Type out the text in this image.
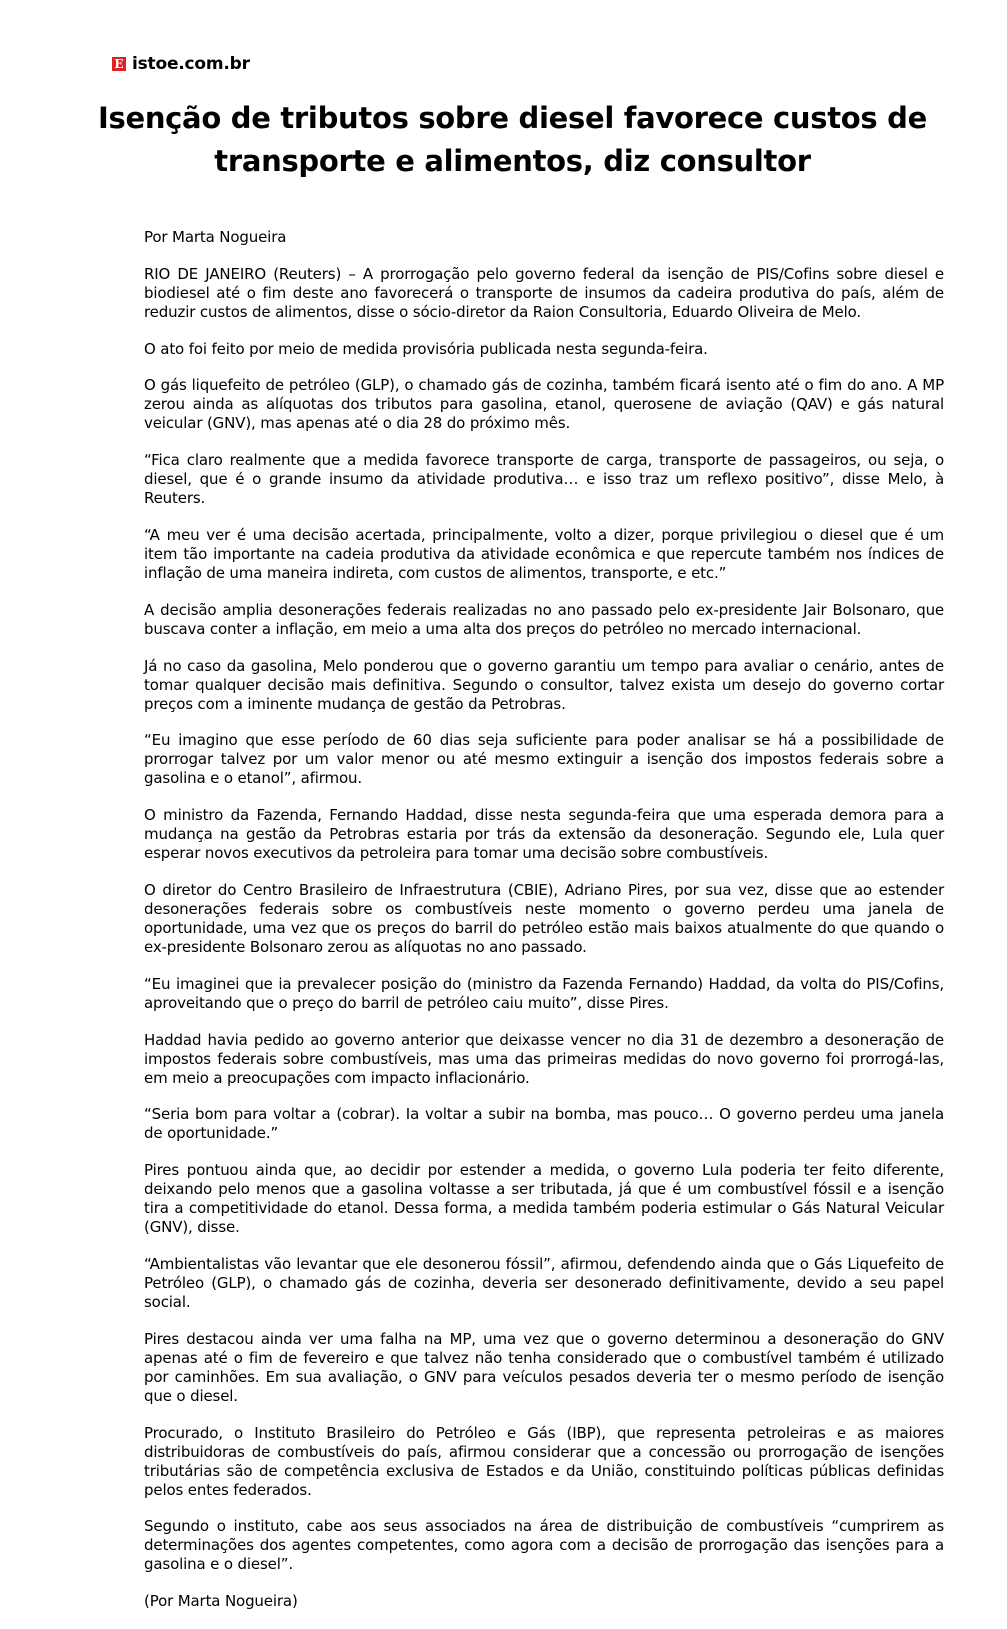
E istoe.com.br
Isenção de tributos sobre diesel favorece custos de transporte e alimentos, diz consultor

Por Marta Nogueira

RIO DE JANEIRO (Reuters) – A prorrogação pelo governo federal da isenção de PIS/Cofins sobre diesel e biodiesel até o fim deste ano favorecerá o transporte de insumos da cadeira produtiva do país, além de reduzir custos de alimentos, disse o sócio-diretor da Raion Consultoria, Eduardo Oliveira de Melo.

O ato foi feito por meio de medida provisória publicada nesta segunda-feira.

O gás liquefeito de petróleo (GLP), o chamado gás de cozinha, também ficará isento até o fim do ano. A MP zerou ainda as alíquotas dos tributos para gasolina, etanol, querosene de aviação (QAV) e gás natural veicular (GNV), mas apenas até o dia 28 do próximo mês.

“Fica claro realmente que a medida favorece transporte de carga, transporte de passageiros, ou seja, o diesel, que é o grande insumo da atividade produtiva… e isso traz um reflexo positivo”, disse Melo, à Reuters.

“A meu ver é uma decisão acertada, principalmente, volto a dizer, porque privilegiou o diesel que é um item tão importante na cadeia produtiva da atividade econômica e que repercute também nos índices de inflação de uma maneira indireta, com custos de alimentos, transporte, e etc.”

A decisão amplia desonerações federais realizadas no ano passado pelo ex-presidente Jair Bolsonaro, que buscava conter a inflação, em meio a uma alta dos preços do petróleo no mercado internacional.

Já no caso da gasolina, Melo ponderou que o governo garantiu um tempo para avaliar o cenário, antes de tomar qualquer decisão mais definitiva. Segundo o consultor, talvez exista um desejo do governo cortar preços com a iminente mudança de gestão da Petrobras.

“Eu imagino que esse período de 60 dias seja suficiente para poder analisar se há a possibilidade de prorrogar talvez por um valor menor ou até mesmo extinguir a isenção dos impostos federais sobre a gasolina e o etanol”, afirmou.

O ministro da Fazenda, Fernando Haddad, disse nesta segunda-feira que uma esperada demora para a mudança na gestão da Petrobras estaria por trás da extensão da desoneração. Segundo ele, Lula quer esperar novos executivos da petroleira para tomar uma decisão sobre combustíveis.

O diretor do Centro Brasileiro de Infraestrutura (CBIE), Adriano Pires, por sua vez, disse que ao estender desonerações federais sobre os combustíveis neste momento o governo perdeu uma janela de oportunidade, uma vez que os preços do barril do petróleo estão mais baixos atualmente do que quando o ex-presidente Bolsonaro zerou as alíquotas no ano passado.

“Eu imaginei que ia prevalecer posição do (ministro da Fazenda Fernando) Haddad, da volta do PIS/Cofins, aproveitando que o preço do barril de petróleo caiu muito”, disse Pires.

Haddad havia pedido ao governo anterior que deixasse vencer no dia 31 de dezembro a desoneração de impostos federais sobre combustíveis, mas uma das primeiras medidas do novo governo foi prorrogá-las, em meio a preocupações com impacto inflacionário.

“Seria bom para voltar a (cobrar). Ia voltar a subir na bomba, mas pouco… O governo perdeu uma janela de oportunidade.”

Pires pontuou ainda que, ao decidir por estender a medida, o governo Lula poderia ter feito diferente, deixando pelo menos que a gasolina voltasse a ser tributada, já que é um combustível fóssil e a isenção tira a competitividade do etanol. Dessa forma, a medida também poderia estimular o Gás Natural Veicular (GNV), disse.

“Ambientalistas vão levantar que ele desonerou fóssil”, afirmou, defendendo ainda que o Gás Liquefeito de Petróleo (GLP), o chamado gás de cozinha, deveria ser desonerado definitivamente, devido a seu papel social.

Pires destacou ainda ver uma falha na MP, uma vez que o governo determinou a desoneração do GNV apenas até o fim de fevereiro e que talvez não tenha considerado que o combustível também é utilizado por caminhões. Em sua avaliação, o GNV para veículos pesados deveria ter o mesmo período de isenção que o diesel.

Procurado, o Instituto Brasileiro do Petróleo e Gás (IBP), que representa petroleiras e as maiores distribuidoras de combustíveis do país, afirmou considerar que a concessão ou prorrogação de isenções tributárias são de competência exclusiva de Estados e da União, constituindo políticas públicas definidas pelos entes federados.

Segundo o instituto, cabe aos seus associados na área de distribuição de combustíveis “cumprirem as determinações dos agentes competentes, como agora com a decisão de prorrogação das isenções para a gasolina e o diesel”.

(Por Marta Nogueira)
